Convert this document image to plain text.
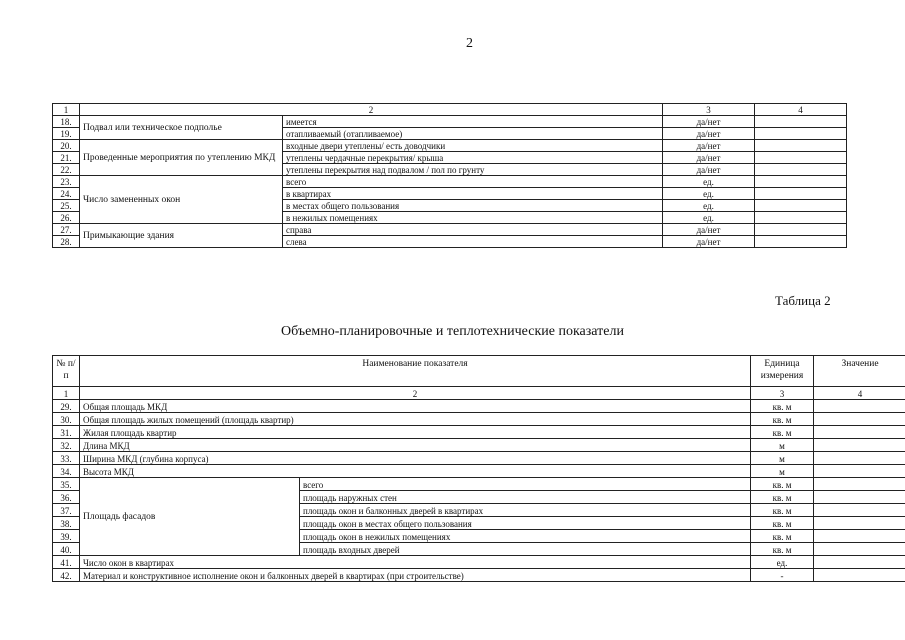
2
1	2		3	4
18.	Подвал или техническое подполье	имеется	да/нет	
19.		отапливаемый (отапливаемое)	да/нет	
20.	Проведенные мероприятия по утеплению МКД	входные двери утеплены/ есть доводчики	да/нет	
21.		утеплены чердачные перекрытия/ крыша	да/нет	
22.		утеплены перекрытия над подвалом / пол по грунту	да/нет	
23.	Число замененных окон	всего	ед.	
24.		в квартирах	ед.	
25.		в местах общего пользования	ед.	
26.		в нежилых помещениях	ед.	
27.	Примыкающие здания	справа	да/нет	
28.		слева	да/нет	
Таблица 2
Объемно-планировочные и теплотехнические показатели
№ п/п	Наименование показателя		Единица измерения	Значение
1	2		3	4
29.	Общая площадь МКД		кв. м	
30.	Общая площадь жилых помещений (площадь квартир)		кв. м	
31.	Жилая площадь квартир		кв. м	
32.	Длина МКД		м	
33.	Ширина МКД (глубина корпуса)		м	
34.	Высота МКД		м	
35.	Площадь фасадов	всего	кв. м	
36.		площадь наружных стен	кв. м	
37.		площадь окон и балконных дверей в квартирах	кв. м	
38.		площадь окон в местах общего пользования	кв. м	
39.		площадь окон в нежилых помещениях	кв. м	
40.		площадь входных дверей	кв. м	
41.	Число окон в квартирах		ед.	
42.	Материал и конструктивное исполнение окон и балконных дверей в квартирах (при строительстве)		-	
